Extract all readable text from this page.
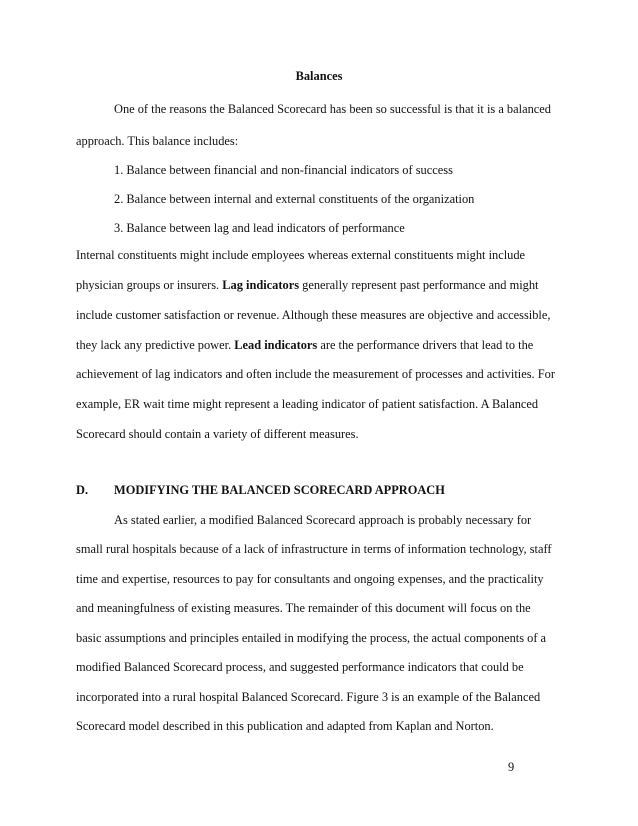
Balances
One of the reasons the Balanced Scorecard has been so successful is that it is a balanced
approach. This balance includes:
1. Balance between financial and non-financial indicators of success
2. Balance between internal and external constituents of the organization
3. Balance between lag and lead indicators of performance
Internal constituents might include employees whereas external constituents might include
physician groups or insurers. Lag indicators generally represent past performance and might
include customer satisfaction or revenue. Although these measures are objective and accessible,
they lack any predictive power. Lead indicators are the performance drivers that lead to the
achievement of lag indicators and often include the measurement of processes and activities. For
example, ER wait time might represent a leading indicator of patient satisfaction. A Balanced
Scorecard should contain a variety of different measures.
D. MODIFYING THE BALANCED SCORECARD APPROACH
As stated earlier, a modified Balanced Scorecard approach is probably necessary for
small rural hospitals because of a lack of infrastructure in terms of information technology, staff
time and expertise, resources to pay for consultants and ongoing expenses, and the practicality
and meaningfulness of existing measures. The remainder of this document will focus on the
basic assumptions and principles entailed in modifying the process, the actual components of a
modified Balanced Scorecard process, and suggested performance indicators that could be
incorporated into a rural hospital Balanced Scorecard. Figure 3 is an example of the Balanced
Scorecard model described in this publication and adapted from Kaplan and Norton.
9
